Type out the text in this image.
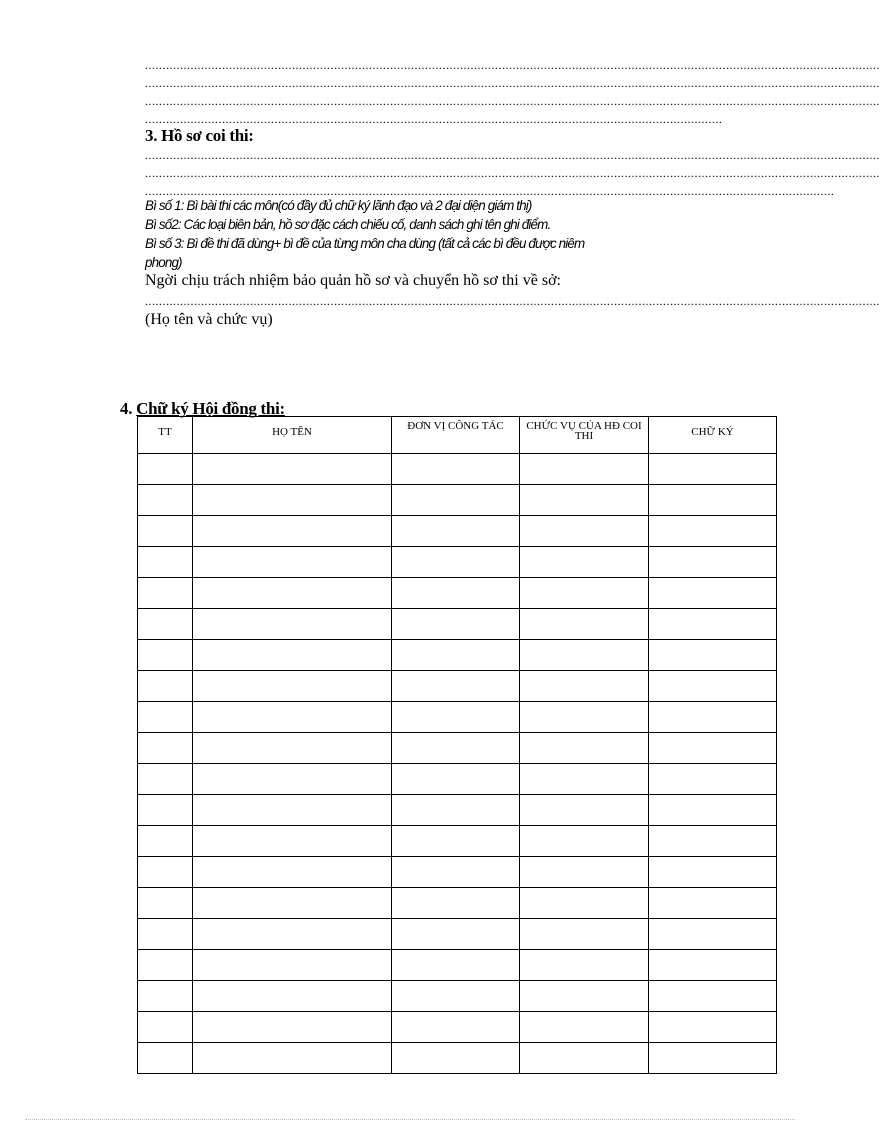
..................................................................................................................................................................................................................
..................................................................................................................................................................................................................
..................................................................................................................................................................................................................
.....................................................................................................................................................................
3. Hồ sơ coi thi:
..................................................................................................................................................................................................................
..................................................................................................................................................................................................................
.....................................................................................................................................................................................................
Bì số 1: Bì bài thi các môn(có đầy đủ chữ ký lãnh đạo và 2 đại diện giám thị)
Bì số2: Các loại biên bản, hồ sơ đặc cách chiếu cố, danh sách ghi tên ghi điểm.
Bì số 3: Bì đề thi đã dùng+ bì đề của từng môn cha dùng (tất cả các bì đều được niêm
phong)
Ngời chịu trách nhiệm bảo quản hồ sơ và chuyển hồ sơ thi về sở:
..................................................................................................................................................................................................................
(Họ tên và chức vụ)
4. Chữ ký Hội đồng thi:
TT	HỌ TÊN	ĐƠN VỊ CÔNG TÁC	CHỨC VỤ CỦA HĐ COI THI	CHỮ KÝ
